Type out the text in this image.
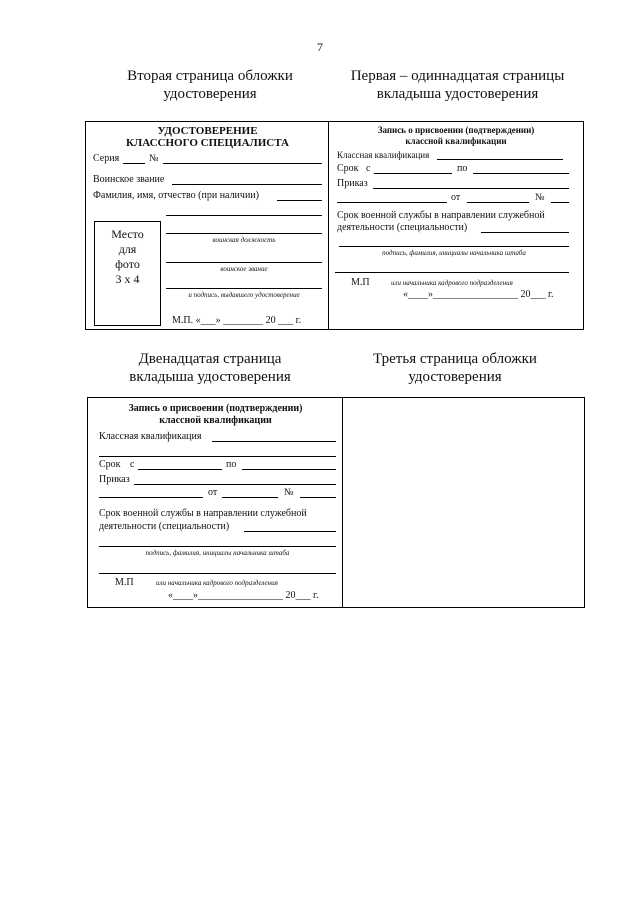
7
Вторая страница обложки
удостоверения
Первая – одиннадцатая страницы
вкладыша удостоверения
УДОСТОВЕРЕНИЕ
КЛАССНОГО СПЕЦИАЛИСТА
Серия	№
Воинское звание
Фамилия, имя, отчество (при наличии)
Место
для
фото
3 х 4
воинская должность
воинское звание
и подпись, выдавшего удостоверение
М.П. «___» ________ 20 ___ г.
Запись о присвоении (подтверждении)
классной квалификации
Классная квалификация
Срок с	по
Приказ
от	№
Срок военной службы в направлении служебной
деятельности (специальности)
подпись, фамилия, инициалы начальника штаба
М.П	или начальника кадрового подразделения
«____»_________________ 20___ г.
Двенадцатая страница
вкладыша удостоверения
Третья страница обложки
удостоверения
Запись о присвоении (подтверждении)
классной квалификации
Классная квалификация
Срок с	по
Приказ
от	№
Срок военной службы в направлении служебной
деятельности (специальности)
подпись, фамилия, инициалы начальника штаба
М.П	или начальника кадрового подразделения
«____»_________________ 20___ г.
